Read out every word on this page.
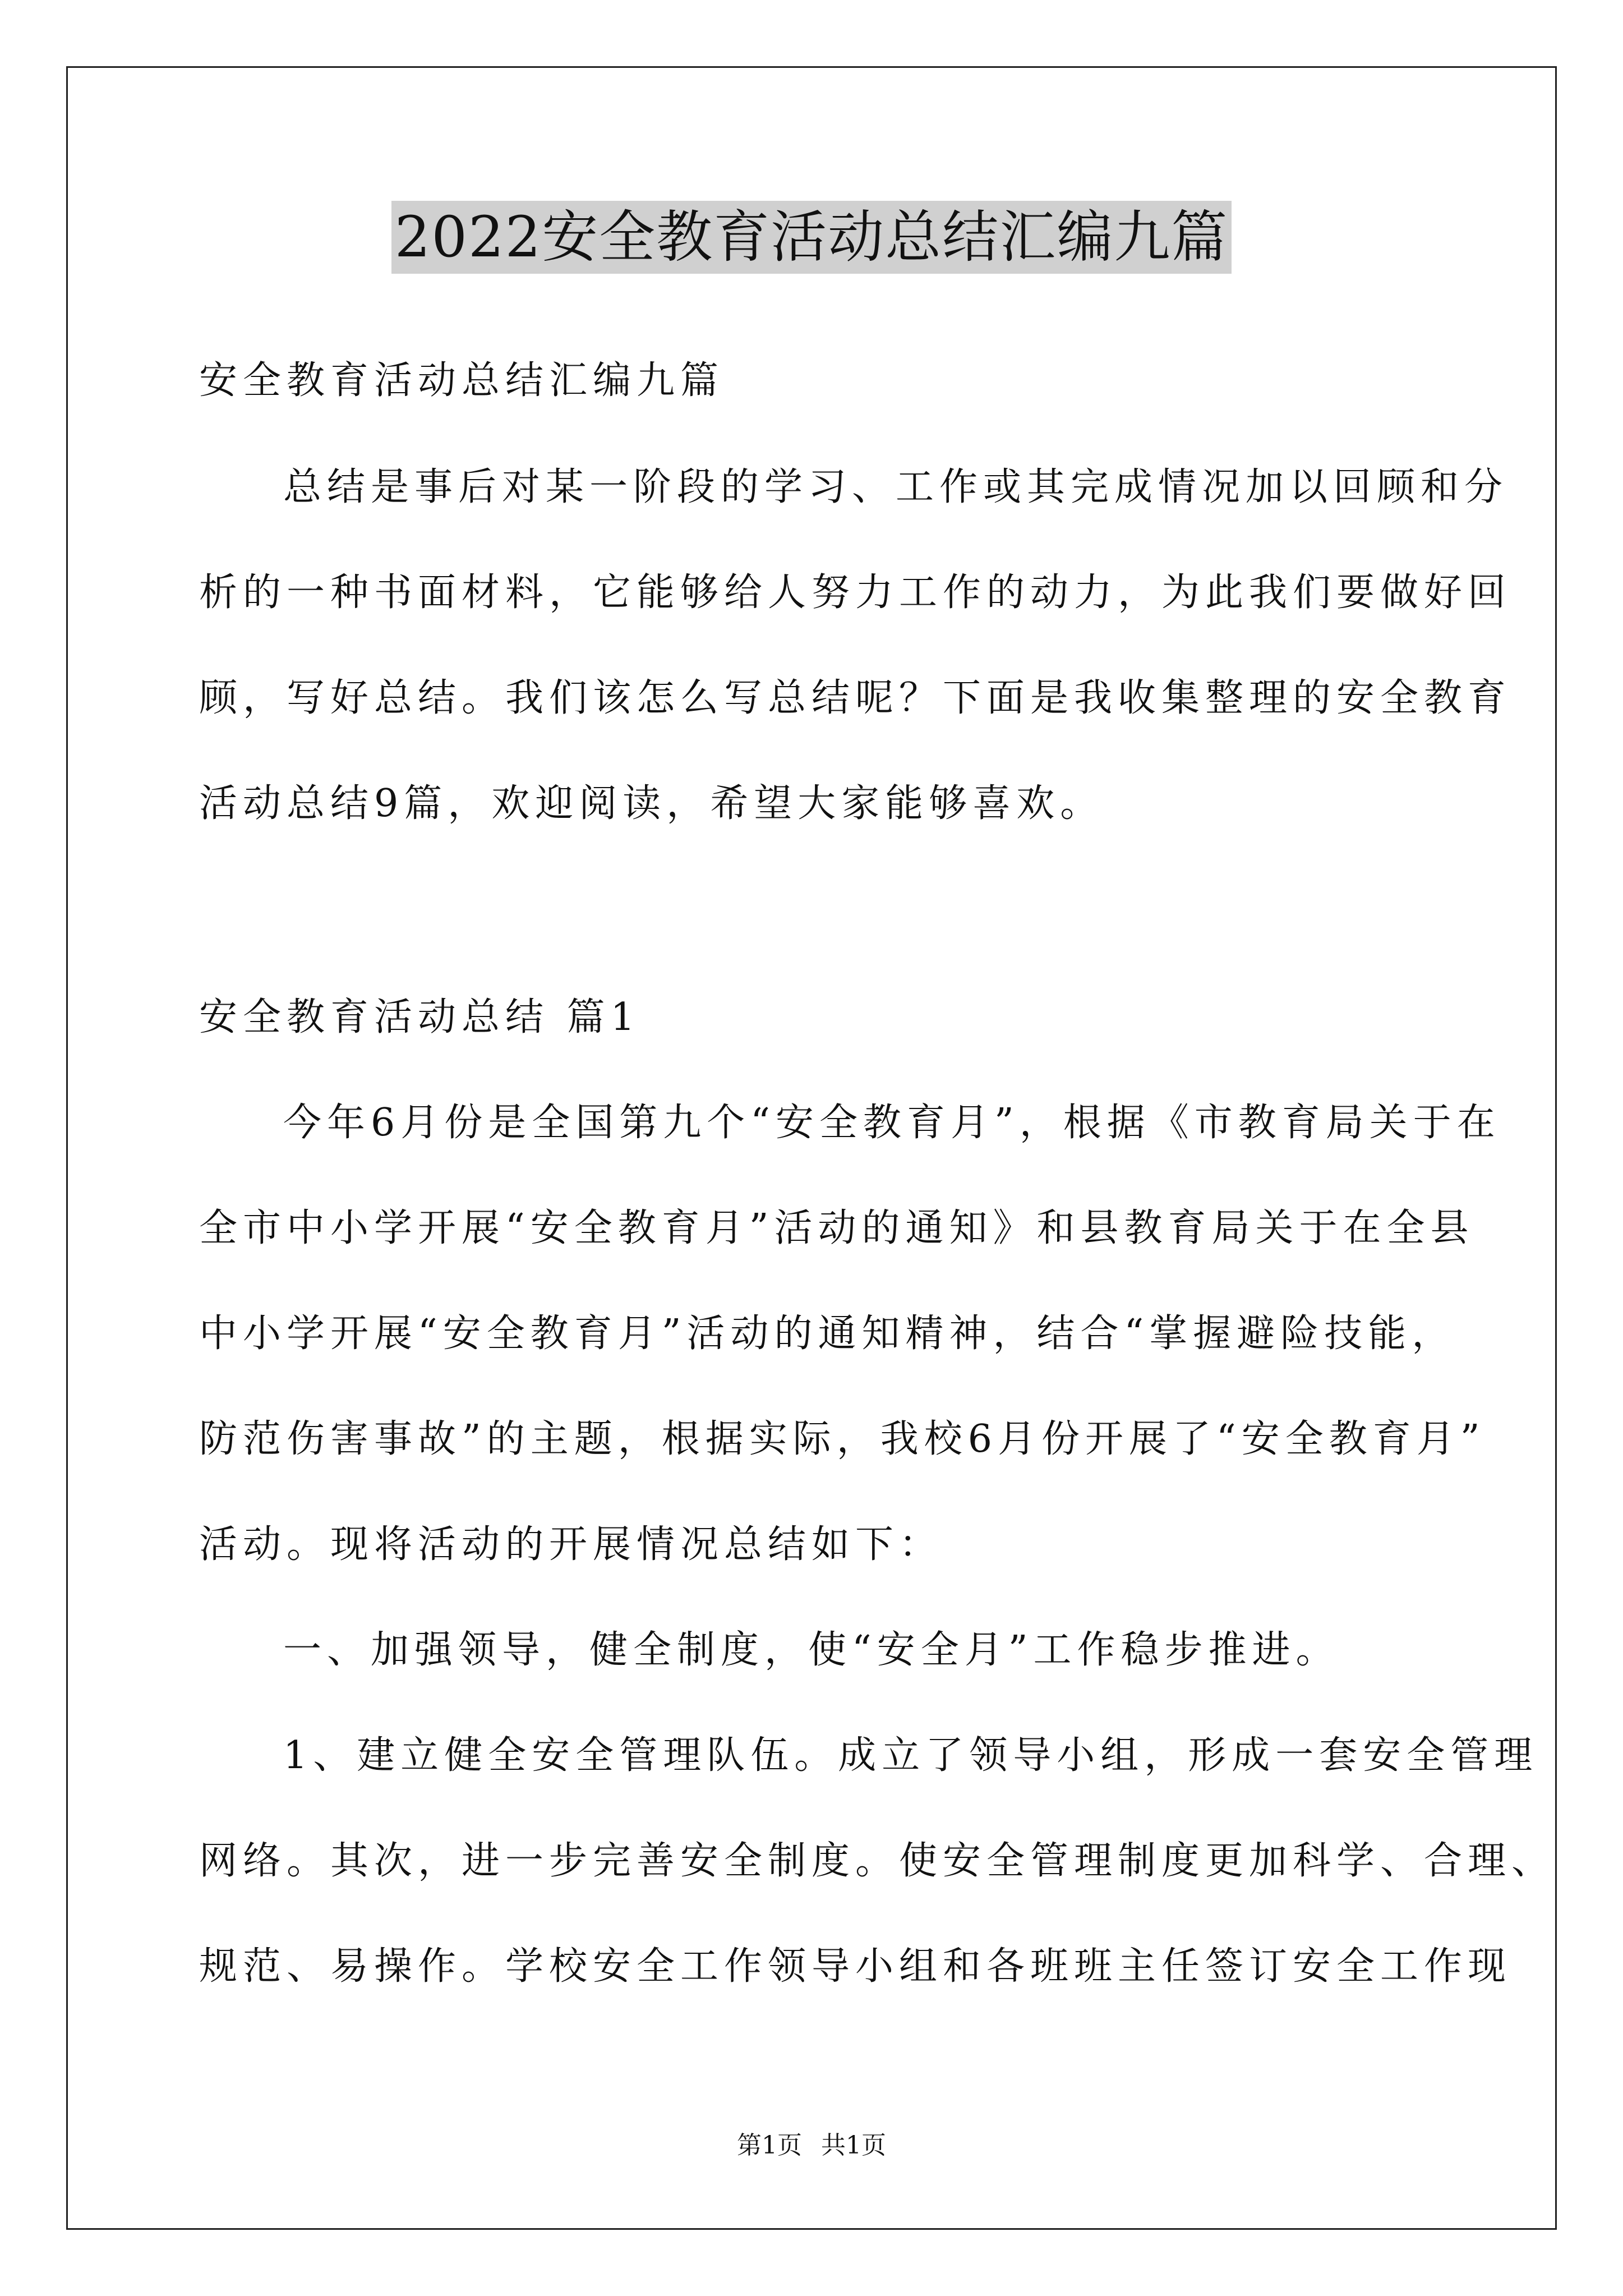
2022安全教育活动总结汇编九篇

安全教育活动总结汇编九篇

总结是事后对某一阶段的学习、工作或其完成情况加以回顾和分
析的一种书面材料，它能够给人努力工作的动力，为此我们要做好回
顾，写好总结。我们该怎么写总结呢？下面是我收集整理的安全教育
活动总结9篇，欢迎阅读，希望大家能够喜欢。

安全教育活动总结 篇1

今年6月份是全国第九个“安全教育月”，根据《市教育局关于在
全市中小学开展“安全教育月”活动的通知》和县教育局关于在全县
中小学开展“安全教育月”活动的通知精神，结合“掌握避险技能，
防范伤害事故”的主题，根据实际，我校6月份开展了“安全教育月”
活动。现将活动的开展情况总结如下：
一、加强领导，健全制度，使“安全月”工作稳步推进。
1、建立健全安全管理队伍。成立了领导小组，形成一套安全管理
网络。其次，进一步完善安全制度。使安全管理制度更加科学、合理、
规范、易操作。学校安全工作领导小组和各班班主任签订安全工作现
第1页 共1页
